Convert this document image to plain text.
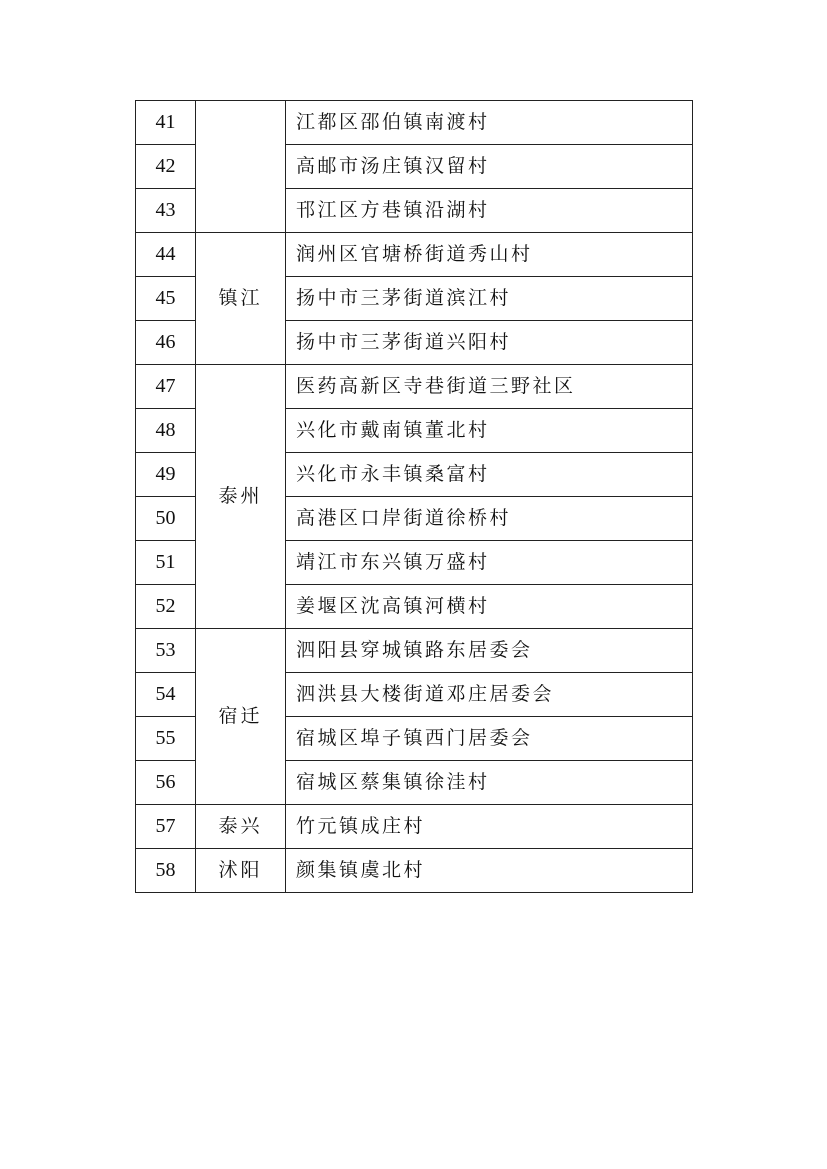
41		江都区邵伯镇南渡村
42		高邮市汤庄镇汉留村
43		邗江区方巷镇沿湖村
44	镇江	润州区官塘桥街道秀山村
45		扬中市三茅街道滨江村
46		扬中市三茅街道兴阳村
47	泰州	医药高新区寺巷街道三野社区
48		兴化市戴南镇董北村
49		兴化市永丰镇桑富村
50		高港区口岸街道徐桥村
51		靖江市东兴镇万盛村
52		姜堰区沈高镇河横村
53	宿迁	泗阳县穿城镇路东居委会
54		泗洪县大楼街道邓庄居委会
55		宿城区埠子镇西门居委会
56		宿城区蔡集镇徐洼村
57	泰兴	竹元镇成庄村
58	沭阳	颜集镇虞北村
